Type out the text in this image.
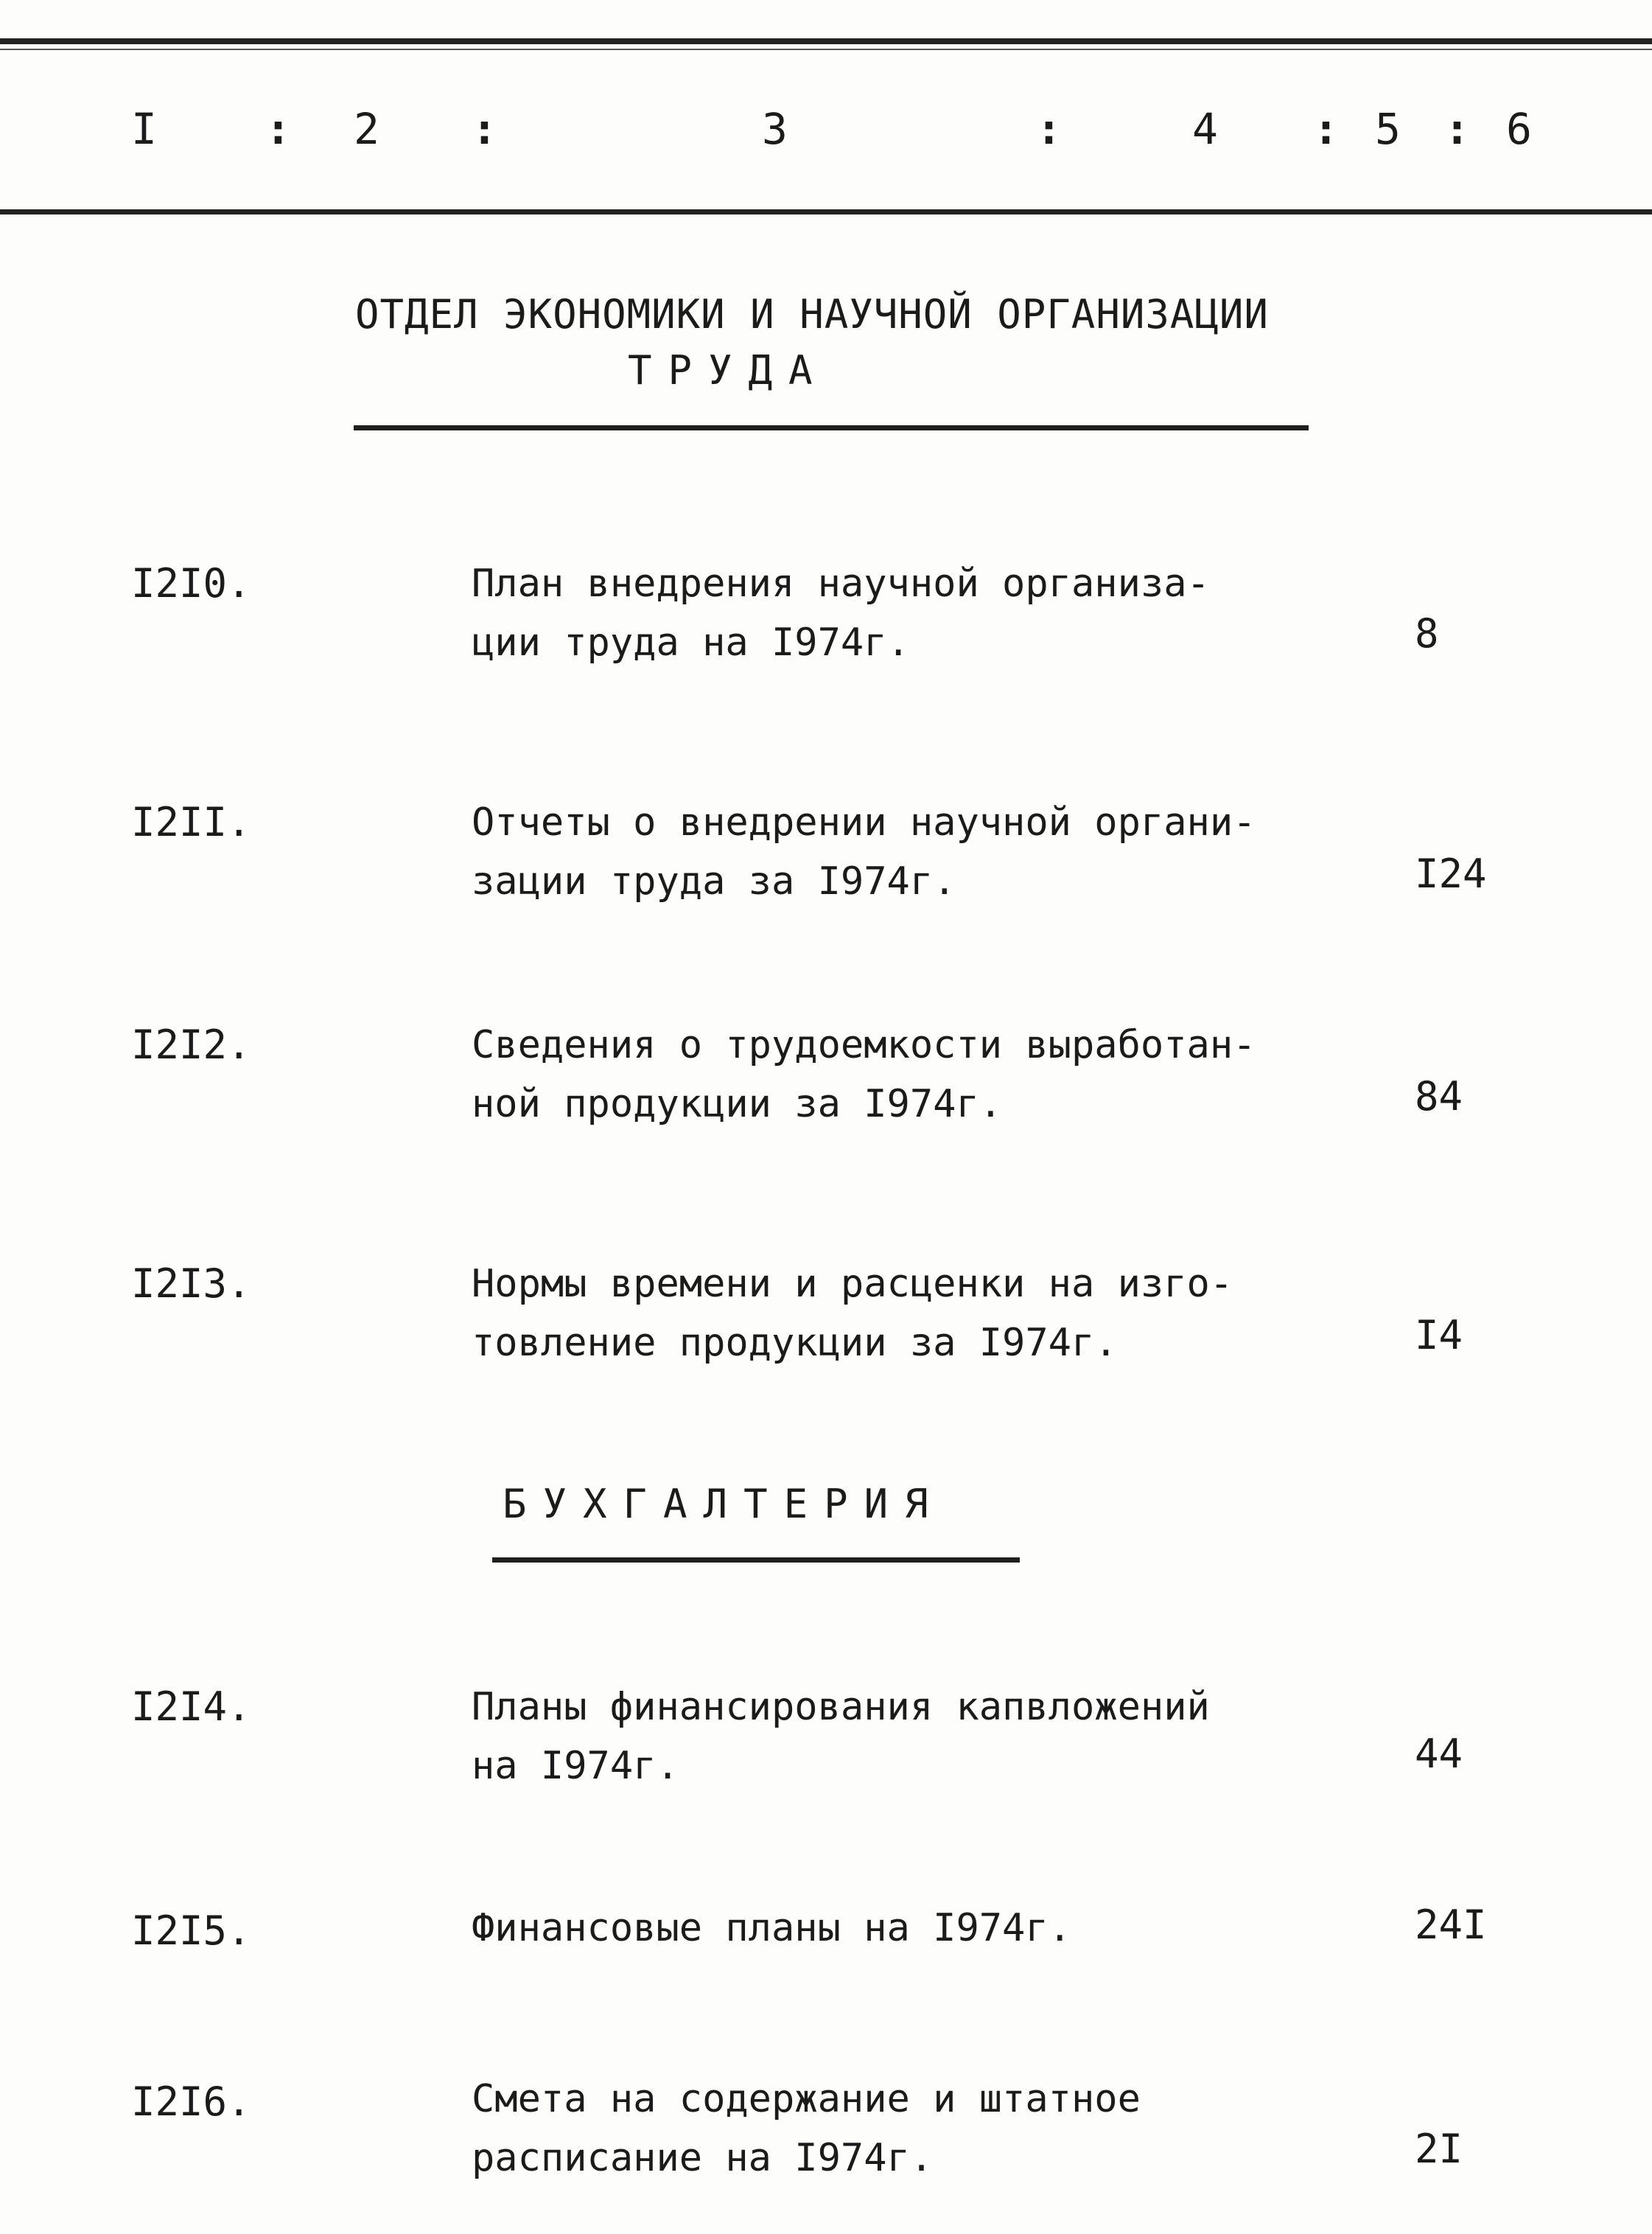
I	: 2 :	3	:	4 : 5 : 6
ОТДЕЛ ЭКОНОМИКИ И НАУЧНОЙ ОРГАНИЗАЦИИ
ТРУДА
I2I0.	План внедрения научной организа-
ции труда на I974г.	8
I2II.	Отчеты о внедрении научной органи-
зации труда за I974г.	I24
I2I2.	Сведения о трудоемкости выработан-
ной продукции за I974г.	84
I2I3.	Нормы времени и расценки на изго-
товление продукции за I974г.	I4
БУХГАЛТЕРИЯ
I2I4.	Планы финансирования капвложений
на I974г.	44
I2I5.	Финансовые планы на I974г.	24I
I2I6.	Смета на содержание и штатное
расписание на I974г.	2I
